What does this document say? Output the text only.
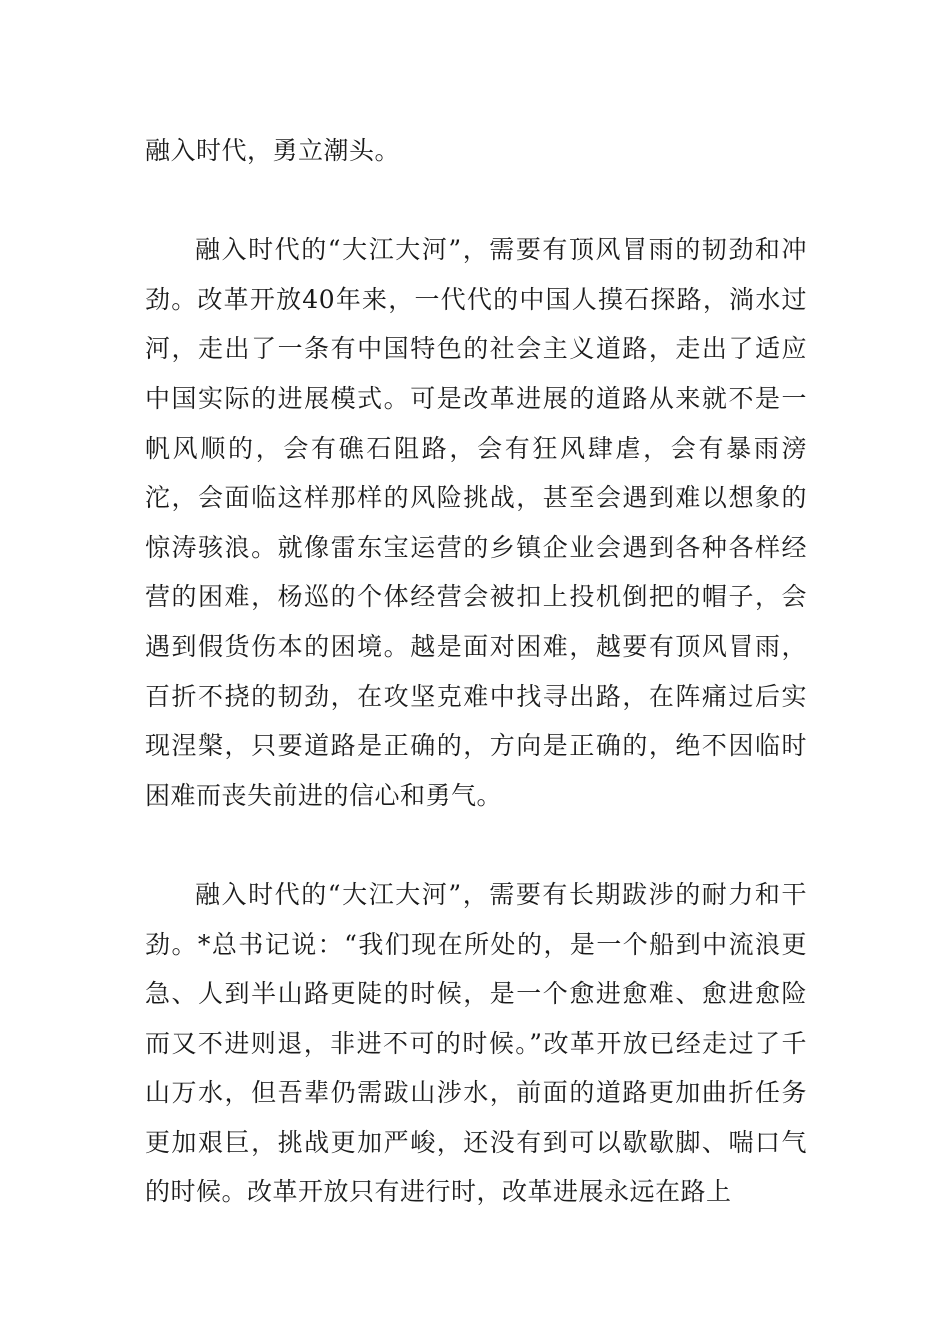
融入时代，勇立潮头。

融入时代的“大江大河”，需要有顶风冒雨的韧劲和冲劲。改革开放40年来，一代代的中国人摸石探路，淌水过河，走出了一条有中国特色的社会主义道路，走出了适应中国实际的进展模式。可是改革进展的道路从来就不是一帆风顺的，会有礁石阻路，会有狂风肆虐，会有暴雨滂沱，会面临这样那样的风险挑战，甚至会遇到难以想象的惊涛骇浪。就像雷东宝运营的乡镇企业会遇到各种各样经营的困难，杨巡的个体经营会被扣上投机倒把的帽子，会遇到假货伤本的困境。越是面对困难，越要有顶风冒雨，百折不挠的韧劲，在攻坚克难中找寻出路，在阵痛过后实现涅槃，只要道路是正确的，方向是正确的，绝不因临时困难而丧失前进的信心和勇气。

融入时代的“大江大河”，需要有长期跋涉的耐力和干劲。*总书记说：“我们现在所处的，是一个船到中流浪更急、人到半山路更陡的时候，是一个愈进愈难、愈进愈险而又不进则退，非进不可的时候。”改革开放已经走过了千山万水，但吾辈仍需跋山涉水，前面的道路更加曲折任务更加艰巨，挑战更加严峻，还没有到可以歇歇脚、喘口气的时候。改革开放只有进行时，改革进展永远在路上
